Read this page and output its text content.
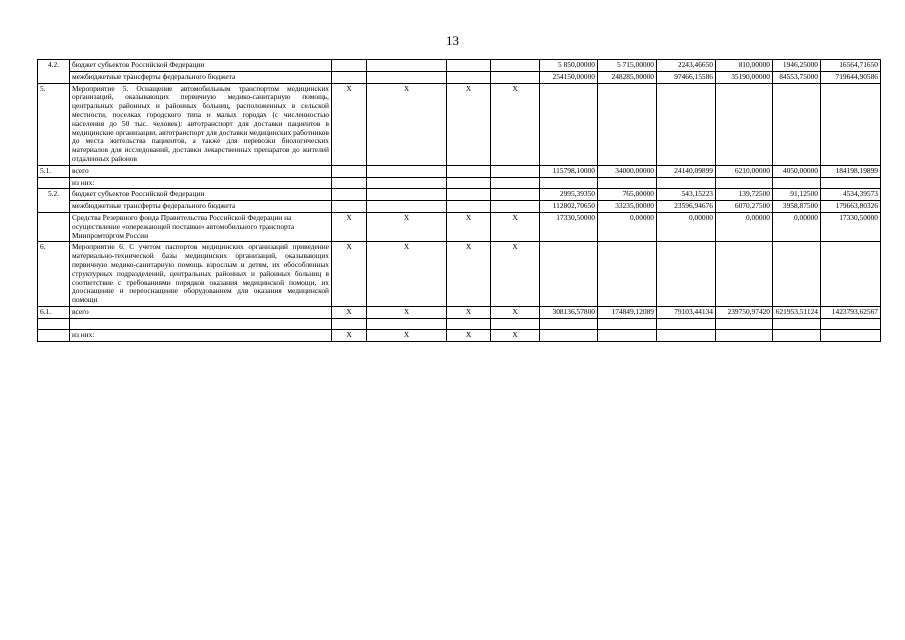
13
4.2.	бюджет субъектов Российской Федерации					5 850,00000	5 715,00000	2243,46650	810,00000	1946,25000	16564,71650
	межбюджетные трансферты федерального бюджета					254150,00000	248285,00000	97466,15586	35190,00000	84553,75000	719644,90586
5.	Мероприятие 5. Оснащение автомобильным транспортом медицинских организаций, оказывающих первичную медико-санитарную помощь, центральных районных и районных больниц, расположенных в сельской местности, поселках городского типа и малых городах (с численностью населения до 50 тыс. человек): автотранспорт для доставки пациентов в медицинские организации, автотранспорт для доставки медицинских работников до места жительства пациентов, а также для перевозки биологических материалов для исследований, доставки лекарственных препаратов до жителей отдаленных районов	X	X	X	X						
5.1.	всего					115798,10000	34000,00000	24140,09899	6210,00000	4050,00000	184198,19899
	из них:										
5.2.	бюджет субъектов Российской Федерации					2995,39350	765,00000	543,15223	139,72500	91,12500	4534,39573
	межбюджетные трансферты федерального бюджета					112802,70650	33235,00000	23596,94676	6070,27500	3958,87500	179663,80326
	Средства Резервного фонда Правительства Российской Федерации на осуществление «опережающей поставки» автомобильного транспорта Минпромторгом России	X	X	X	X	17330,50000	0,00000	0,00000	0,00000	0,00000	17330,50000
6.	Мероприятие 6. С учетом паспортов медицинских организаций приведение материально-технической базы медицинских организаций, оказывающих первичную медико-санитарную помощь взрослым и детям, их обособленных структурных подразделений, центральных районных и районных больниц в соответствие с требованиями порядков оказания медицинской помощи, их дооснащение и переоснащение оборудованием для оказания медицинской помощи	X	X	X	X						
6.1.	всего	X	X	X	X	308136,57800	174849,12089	79103,44134	239750,97420	621953,51124	1423793,62567

	из них:	X	X	X	X						
